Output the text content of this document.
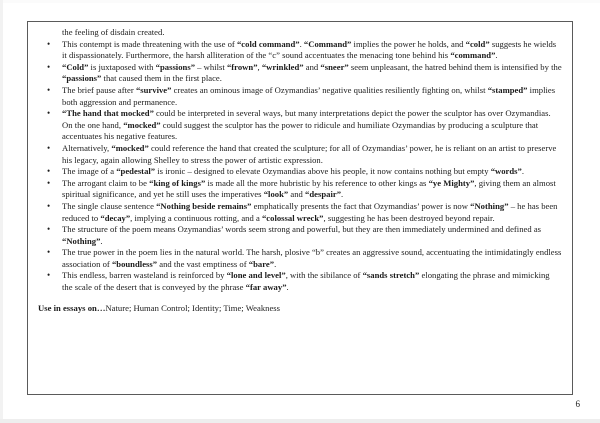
the feeling of disdain created.
• This contempt is made threatening with the use of “cold command”. “Command” implies the power he holds, and “cold” suggests he wields it dispassionately. Furthermore, the harsh alliteration of the “c” sound accentuates the menacing tone behind his “command”.
• “Cold” is juxtaposed with “passions” – whilst “frown”, “wrinkled” and “sneer” seem unpleasant, the hatred behind them is intensified by the “passions” that caused them in the first place.
• The brief pause after “survive” creates an ominous image of Ozymandias’ negative qualities resiliently fighting on, whilst “stamped” implies both aggression and permanence.
• “The hand that mocked” could be interpreted in several ways, but many interpretations depict the power the sculptor has over Ozymandias. On the one hand, “mocked” could suggest the sculptor has the power to ridicule and humiliate Ozymandias by producing a sculpture that accentuates his negative features.
• Alternatively, “mocked” could reference the hand that created the sculpture; for all of Ozymandias’ power, he is reliant on an artist to preserve his legacy, again allowing Shelley to stress the power of artistic expression.
• The image of a “pedestal” is ironic – designed to elevate Ozymandias above his people, it now contains nothing but empty “words”.
• The arrogant claim to be “king of kings” is made all the more hubristic by his reference to other kings as “ye Mighty”, giving them an almost spiritual significance, and yet he still uses the imperatives “look” and “despair”.
• The single clause sentence “Nothing beside remains” emphatically presents the fact that Ozymandias’ power is now “Nothing” – he has been reduced to “decay”, implying a continuous rotting, and a “colossal wreck”, suggesting he has been destroyed beyond repair.
• The structure of the poem means Ozymandias’ words seem strong and powerful, but they are then immediately undermined and defined as “Nothing”.
• The true power in the poem lies in the natural world. The harsh, plosive “b” creates an aggressive sound, accentuating the intimidatingly endless association of “boundless” and the vast emptiness of “bare”.
• This endless, barren wasteland is reinforced by “lone and level”, with the sibilance of “sands stretch” elongating the phrase and mimicking the scale of the desert that is conveyed by the phrase “far away”.
Use in essays on…Nature; Human Control; Identity; Time; Weakness
6
